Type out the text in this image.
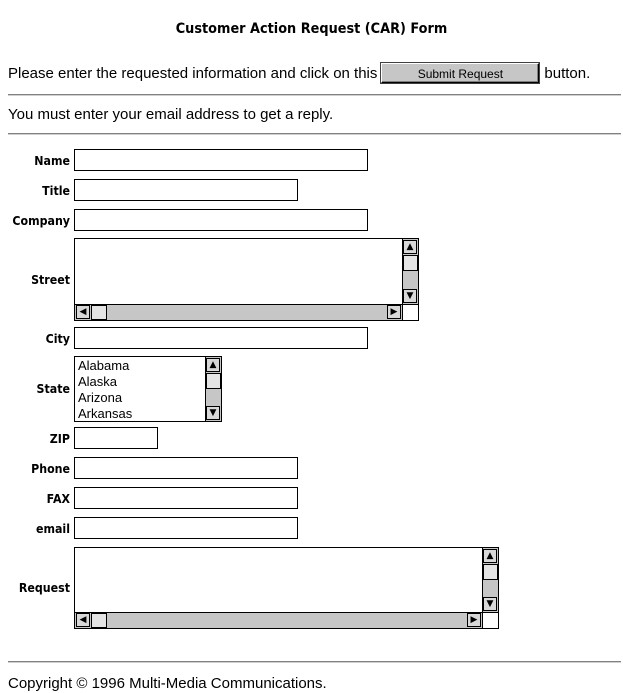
Customer Action Request (CAR) Form
Please enter the requested information and click on this	Submit Request	button.
You must enter your email address to get a reply.
Name
Title
Company
Street
▲
▼
◀	▶
City
State
Alabama
Alaska
Arizona
Arkansas
▲
▼
ZIP
Phone
FAX
email
Request
▲
▼
◀	▶
Copyright © 1996 Multi-Media Communications.
